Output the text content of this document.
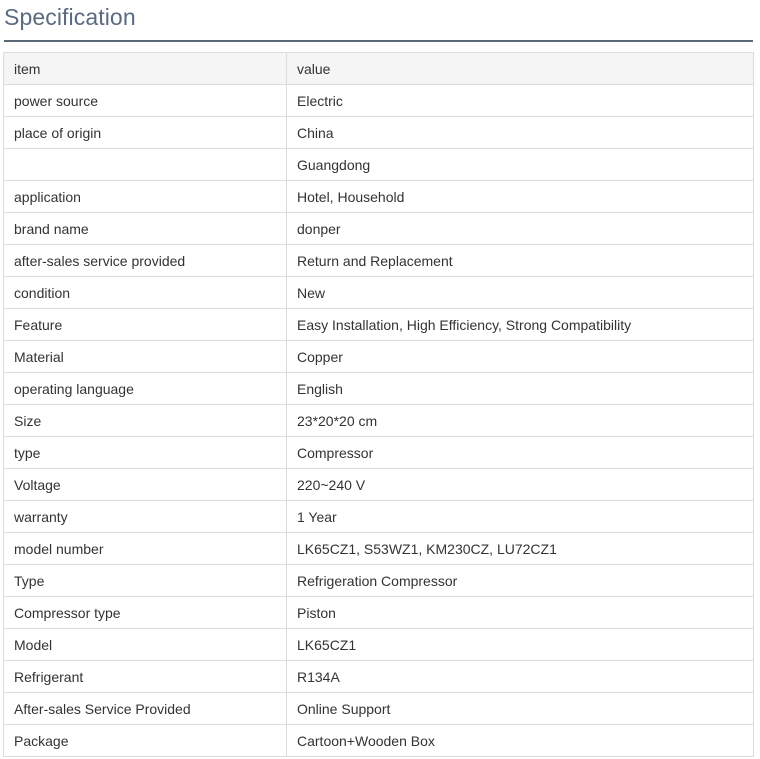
Specification
item	value
power source	Electric
place of origin	China
	Guangdong
application	Hotel, Household
brand name	donper
after-sales service provided	Return and Replacement
condition	New
Feature	Easy Installation, High Efficiency, Strong Compatibility
Material	Copper
operating language	English
Size	23*20*20 cm
type	Compressor
Voltage	220~240 V
warranty	1 Year
model number	LK65CZ1, S53WZ1, KM230CZ, LU72CZ1
Type	Refrigeration Compressor
Compressor type	Piston
Model	LK65CZ1
Refrigerant	R134A
After-sales Service Provided	Online Support
Package	Cartoon+Wooden Box
